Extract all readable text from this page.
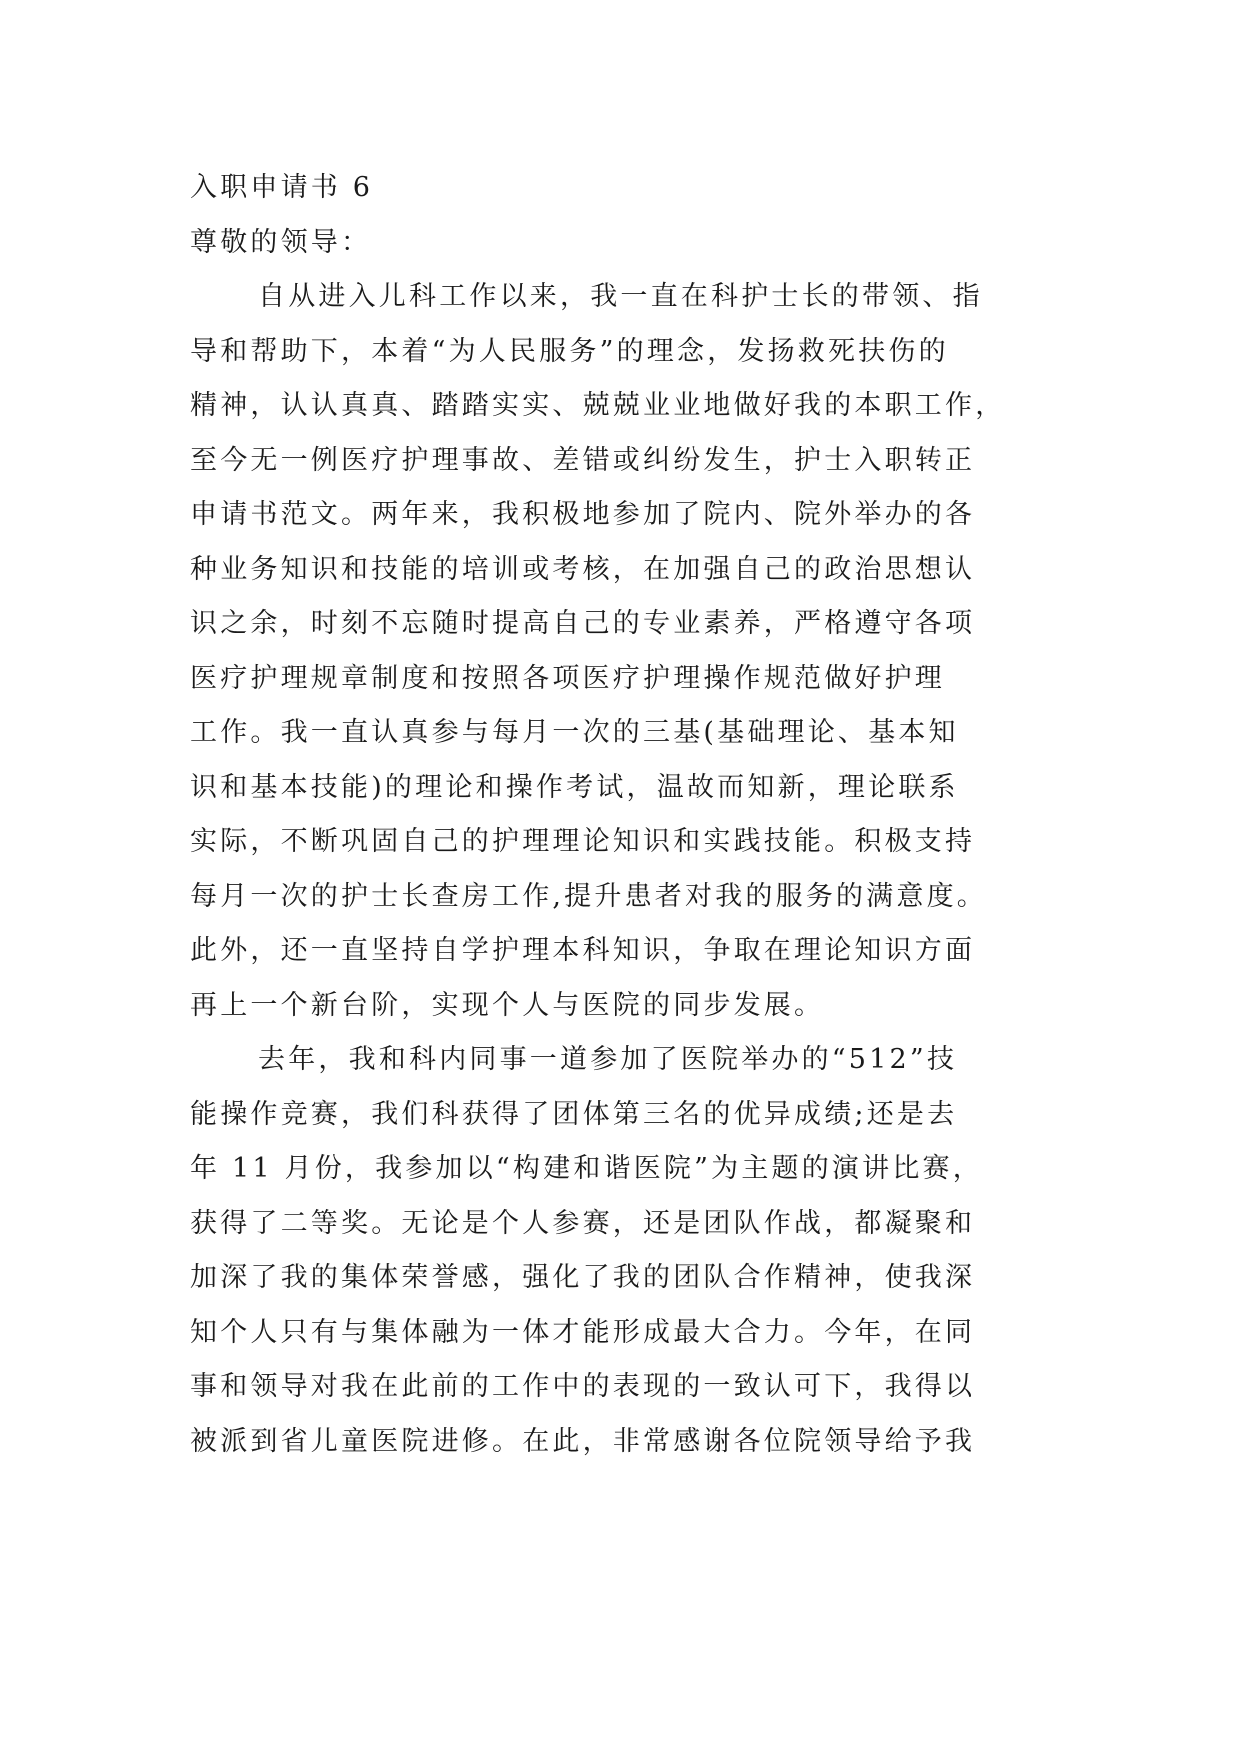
入职申请书 6
尊敬的领导：
自从进入儿科工作以来，我一直在科护士长的带领、指
导和帮助下，本着“为人民服务”的理念，发扬救死扶伤的
精神，认认真真、踏踏实实、兢兢业业地做好我的本职工作，
至今无一例医疗护理事故、差错或纠纷发生，护士入职转正
申请书范文。两年来，我积极地参加了院内、院外举办的各
种业务知识和技能的培训或考核，在加强自己的政治思想认
识之余，时刻不忘随时提高自己的专业素养，严格遵守各项
医疗护理规章制度和按照各项医疗护理操作规范做好护理
工作。我一直认真参与每月一次的三基(基础理论、基本知
识和基本技能)的理论和操作考试，温故而知新，理论联系
实际，不断巩固自己的护理理论知识和实践技能。积极支持
每月一次的护士长查房工作,提升患者对我的服务的满意度。
此外，还一直坚持自学护理本科知识，争取在理论知识方面
再上一个新台阶，实现个人与医院的同步发展。
去年，我和科内同事一道参加了医院举办的“512”技
能操作竞赛，我们科获得了团体第三名的优异成绩;还是去
年 11 月份，我参加以“构建和谐医院”为主题的演讲比赛，
获得了二等奖。无论是个人参赛，还是团队作战，都凝聚和
加深了我的集体荣誉感，强化了我的团队合作精神，使我深
知个人只有与集体融为一体才能形成最大合力。今年，在同
事和领导对我在此前的工作中的表现的一致认可下，我得以
被派到省儿童医院进修。在此，非常感谢各位院领导给予我
